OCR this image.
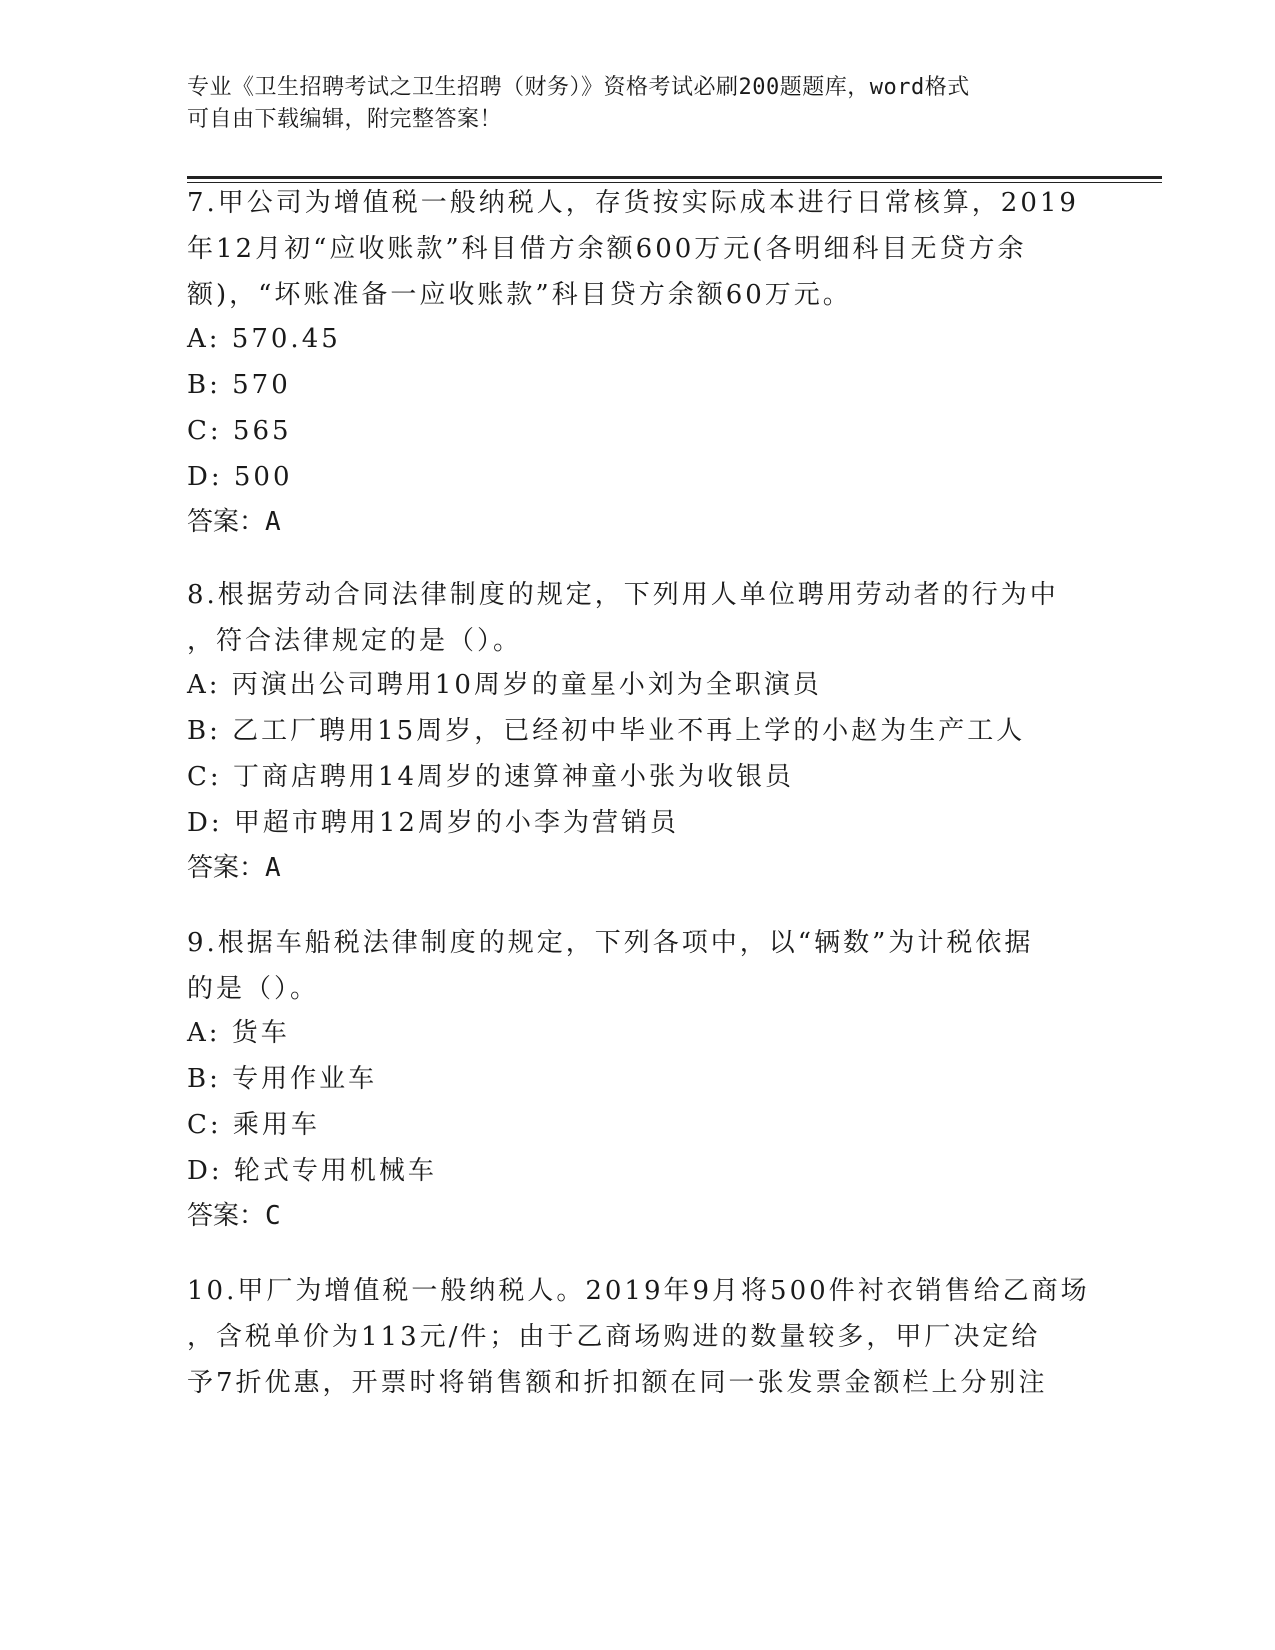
专业《卫生招聘考试之卫生招聘（财务）》资格考试必刷200题题库，word格式
可自由下载编辑，附完整答案！
7.甲公司为增值税一般纳税人，存货按实际成本进行日常核算，2019
年12月初“应收账款”科目借方余额600万元(各明细科目无贷方余
额)，“坏账准备一应收账款”科目贷方余额60万元。
A: 570.45
B: 570
C: 565
D: 500
答案：A
8.根据劳动合同法律制度的规定，下列用人单位聘用劳动者的行为中
，符合法律规定的是（）。
A: 丙演出公司聘用10周岁的童星小刘为全职演员
B: 乙工厂聘用15周岁，已经初中毕业不再上学的小赵为生产工人
C: 丁商店聘用14周岁的速算神童小张为收银员
D: 甲超市聘用12周岁的小李为营销员
答案：A
9.根据车船税法律制度的规定，下列各项中，以“辆数”为计税依据
的是（）。
A: 货车
B: 专用作业车
C: 乘用车
D: 轮式专用机械车
答案：C
10.甲厂为增值税一般纳税人。2019年9月将500件衬衣销售给乙商场
，含税单价为113元/件；由于乙商场购进的数量较多，甲厂决定给
予7折优惠，开票时将销售额和折扣额在同一张发票金额栏上分别注
